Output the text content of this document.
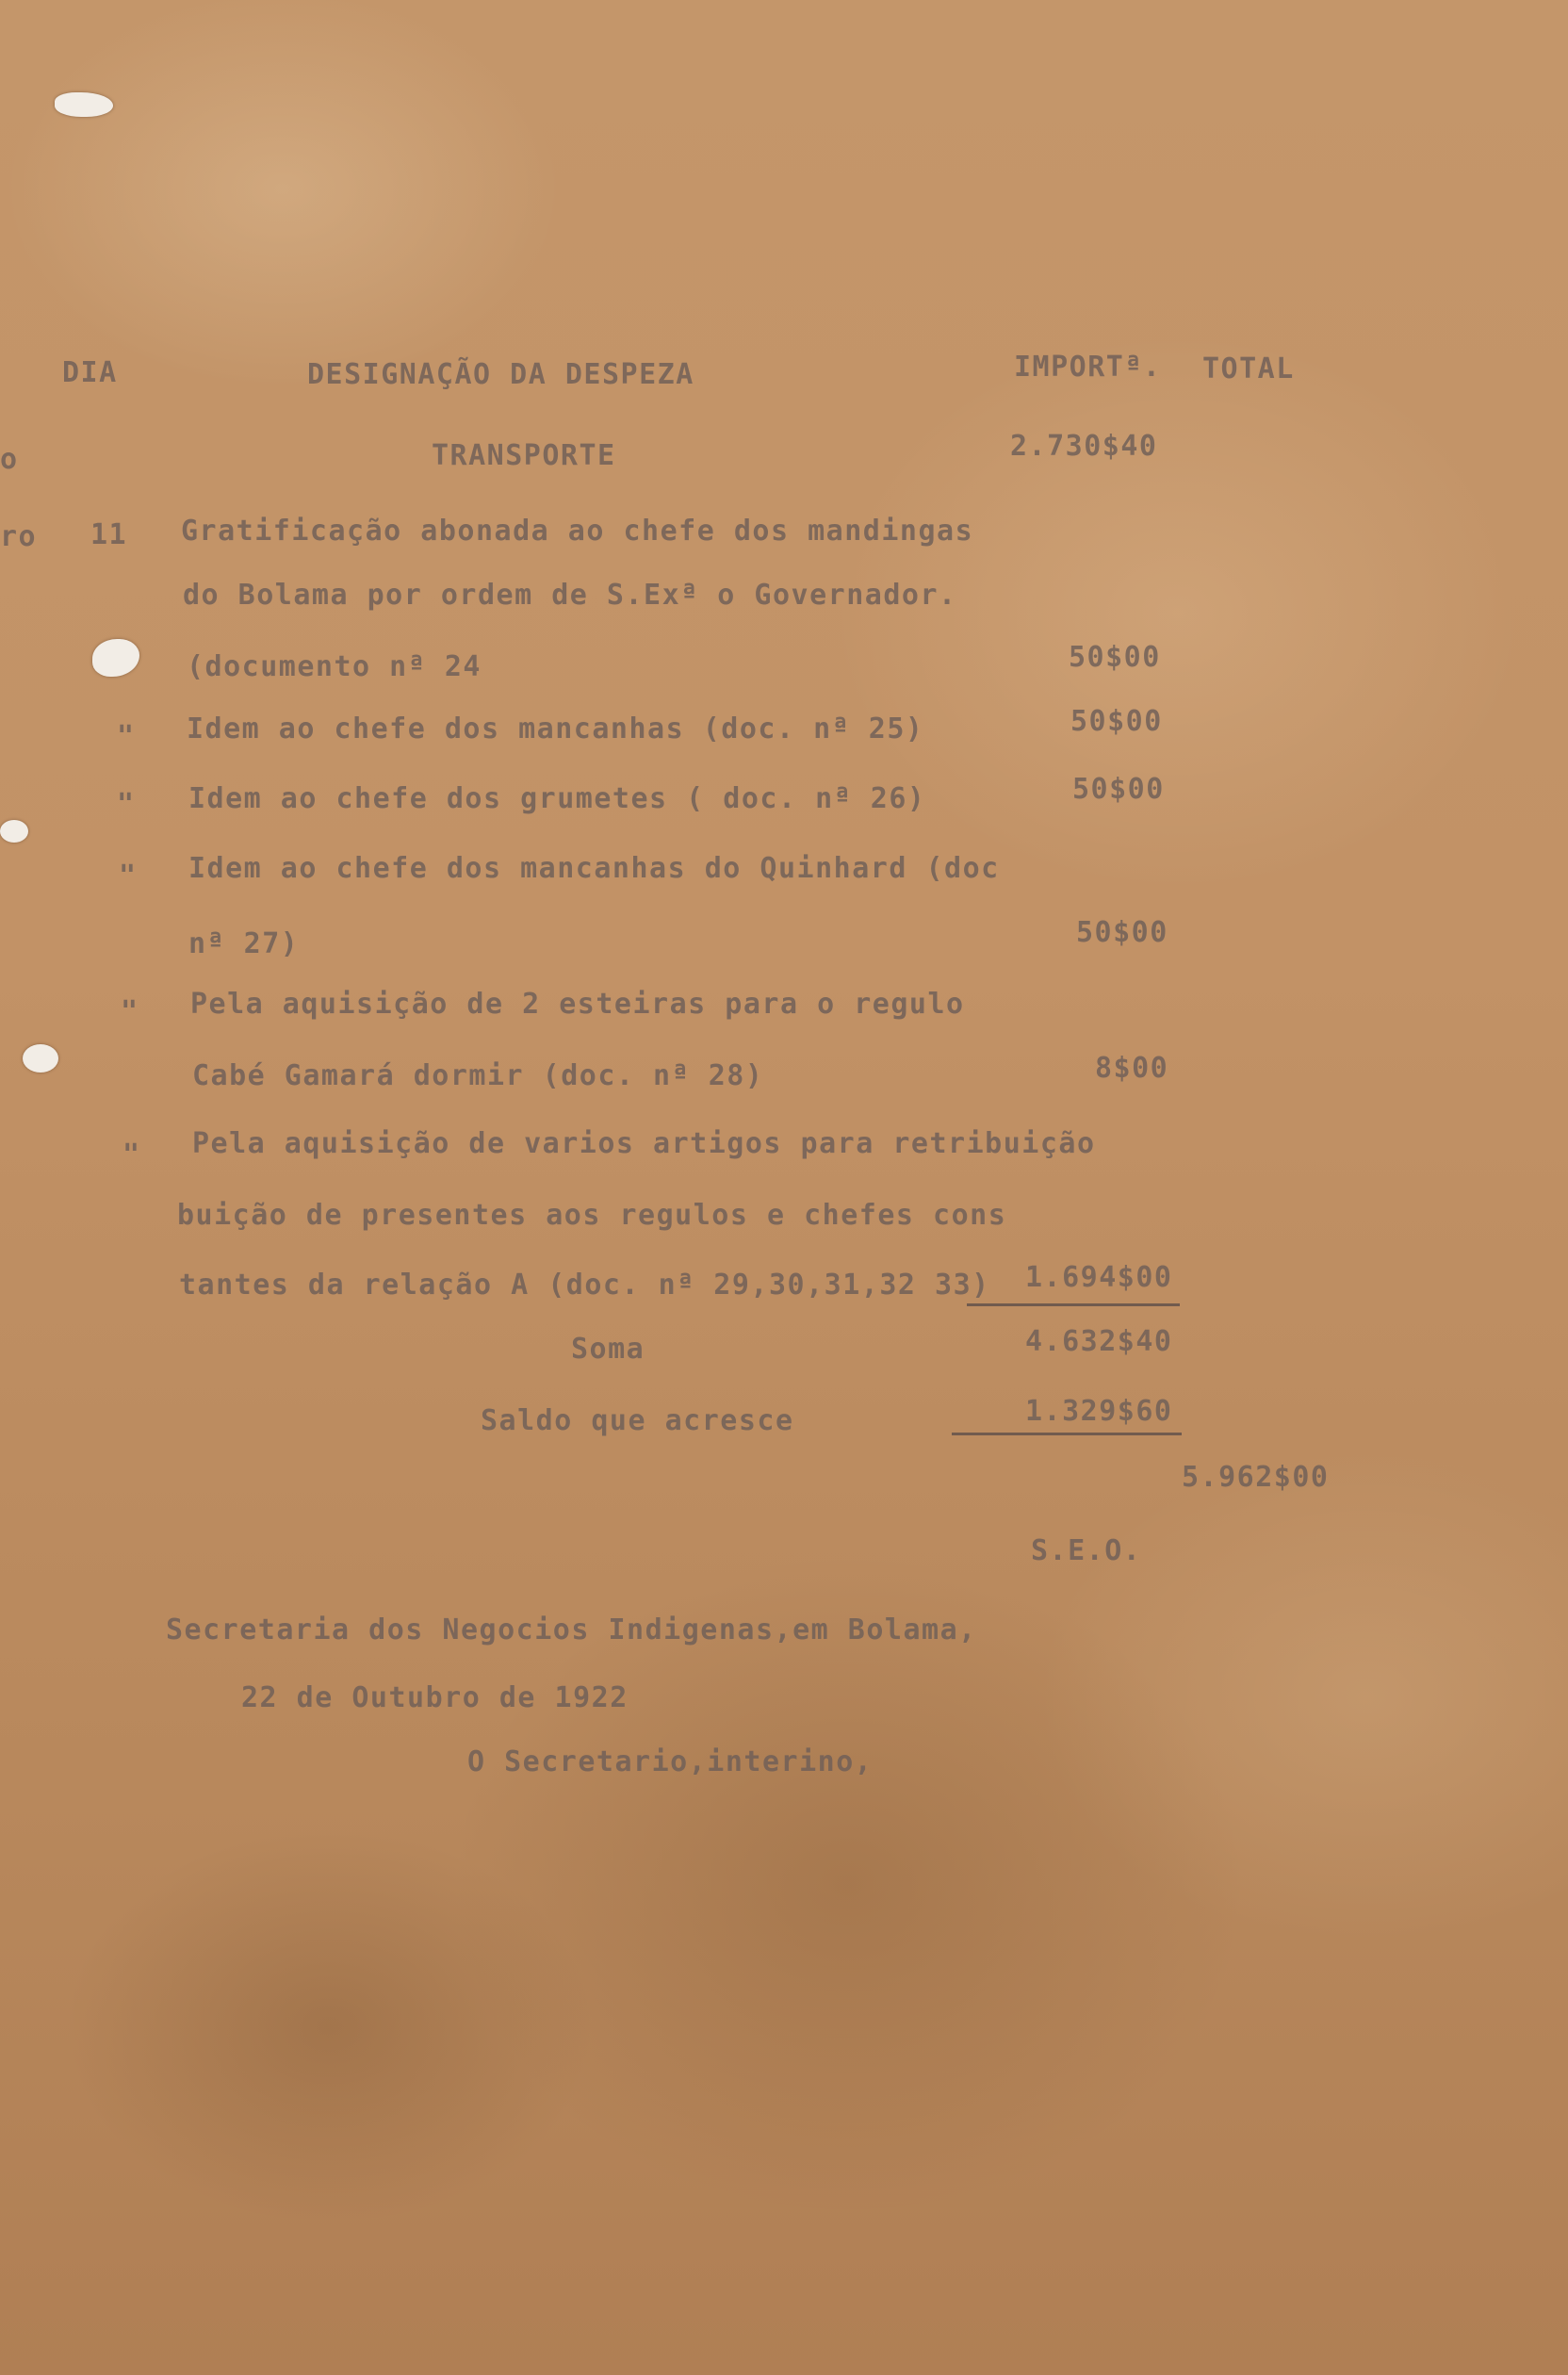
o
ro
DIA	DESIGNAÇÃO DA DESPEZA	IMPORTª. TOTAL
TRANSPORTE	2.730$40
11 Gratificação abonada ao chefe dos mandingas
do Bolama por ordem de S.Exª o Governador.
(documento nª 24	50$00
" Idem ao chefe dos mancanhas (doc. nª 25)	50$00
" Idem ao chefe dos grumetes ( doc. nª 26)	50$00
" Idem ao chefe dos mancanhas do Quinhard (doc
nª 27)	50$00
" Pela aquisição de 2 esteiras para o regulo
Cabé Gamará dormir (doc. nª 28)	8$00
" Pela aquisição de varios artigos para retribuição
buição de presentes aos regulos e chefes cons
tantes da relação A (doc. nª 29,30,31,32 33) 1.694$00
Soma	4.632$40
Saldo que acresce	1.329$60
5.962$00
S.E.O.
Secretaria dos Negocios Indigenas,em Bolama,
22 de Outubro de 1922
O Secretario,interino,
